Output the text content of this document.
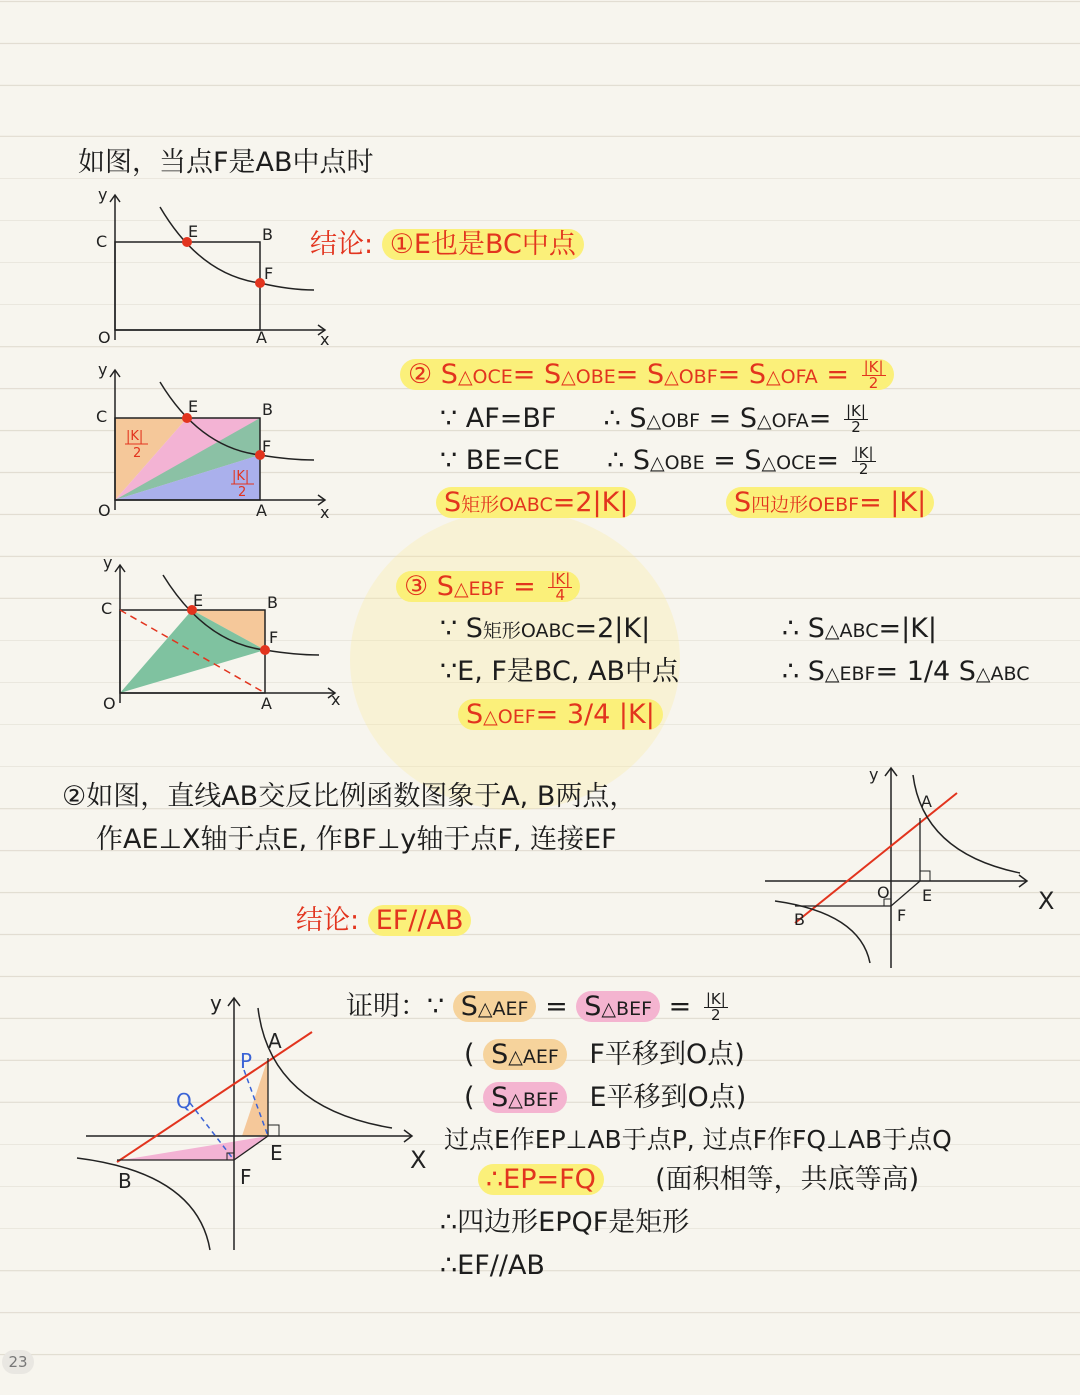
如图，当点F是AB中点时
y
C
E	B
F
O	A	x
结论: ①E也是BC中点
y
C
E	B
F
O	A	x
|K|
2
|K|
2
② S△OCE= S△OBE= S△OBF= S△OFA = $\frac{|K|}{2}$
∵ AF=BF ∴ S△OBF = S△OFA= $\frac{|K|}{2}$
∵ BE=CE ∴ S△OBE = S△OCE= $\frac{|K|}{2}$
S矩形OABC=2|K|	S四边形OEBF= |K|
y
C	E	B
F
O	A	x
③ S△EBF = $\frac{|K|}{4}$
∵ S矩形OABC=2|K|	∴ S△ABC=|K|
∵E, F是BC, AB中点	∴ S△EBF= 1/4 S△ABC
S△OEF= 3/4 |K|
②如图，直线AB交反比例函数图象于A, B两点，
作AE⊥X轴于点E, 作BF⊥y轴于点F, 连接EF
结论: EF//AB
y
A
O E
F
B
X
y
A
P
Q
E
F
B
X
证明：∵ S△AEF = S△BEF = $\frac{|K|}{2}$
( S△AEF F平移到O点)
( S△BEF E平移到O点)
过点E作EP⊥AB于点P, 过点F作FQ⊥AB于点Q
∴EP=FQ (面积相等，共底等高)
∴四边形EPQF是矩形
∴EF//AB
23
